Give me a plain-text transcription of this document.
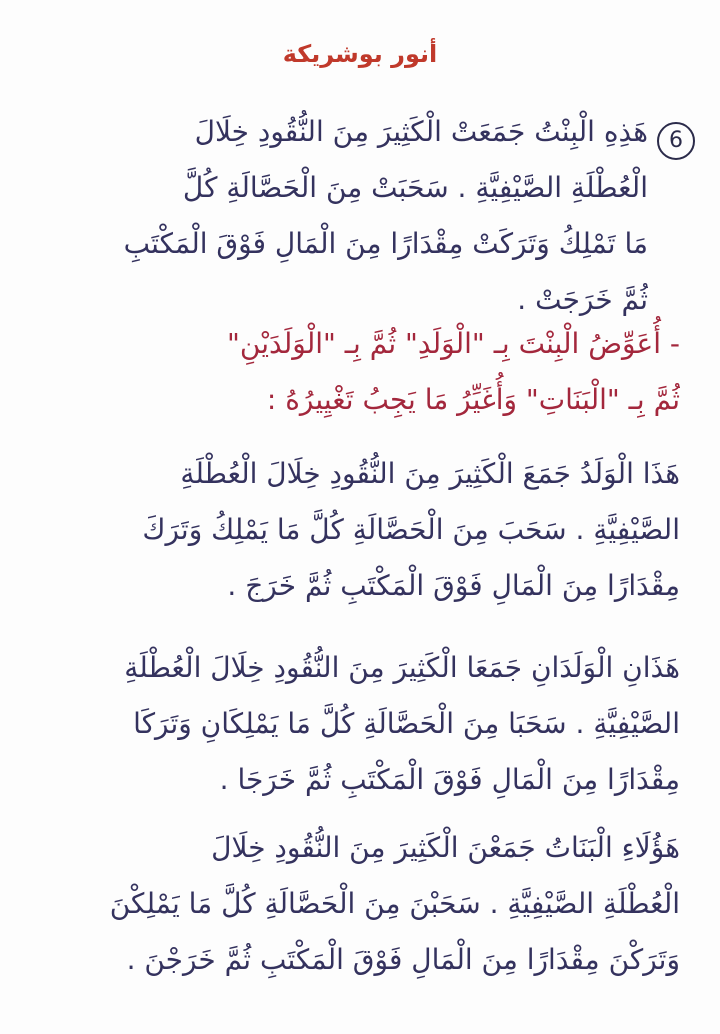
أنور بوشريكة
6
هَذِهِ الْبِنْتُ جَمَعَتْ الْكَثِيرَ مِنَ النُّقُودِ خِلَالَ
الْعُطْلَةِ الصَّيْفِيَّةِ . سَحَبَتْ مِنَ الْحَصَّالَةِ كُلَّ
مَا تَمْلِكُ وَتَرَكَتْ مِقْدَارًا مِنَ الْمَالِ فَوْقَ الْمَكْتَبِ
ثُمَّ خَرَجَتْ .
- أُعَوِّضُ الْبِنْتَ بِـ "الْوَلَدِ" ثُمَّ بِـ "الْوَلَدَيْنِ"
ثُمَّ بِـ "الْبَنَاتِ" وَأُغَيِّرُ مَا يَجِبُ تَغْيِيرُهُ :
هَذَا الْوَلَدُ جَمَعَ الْكَثِيرَ مِنَ النُّقُودِ خِلَالَ الْعُطْلَةِ
الصَّيْفِيَّةِ . سَحَبَ مِنَ الْحَصَّالَةِ كُلَّ مَا يَمْلِكُ وَتَرَكَ
مِقْدَارًا مِنَ الْمَالِ فَوْقَ الْمَكْتَبِ ثُمَّ خَرَجَ .
هَذَانِ الْوَلَدَانِ جَمَعَا الْكَثِيرَ مِنَ النُّقُودِ خِلَالَ الْعُطْلَةِ
الصَّيْفِيَّةِ . سَحَبَا مِنَ الْحَصَّالَةِ كُلَّ مَا يَمْلِكَانِ وَتَرَكَا
مِقْدَارًا مِنَ الْمَالِ فَوْقَ الْمَكْتَبِ ثُمَّ خَرَجَا .
هَؤُلَاءِ الْبَنَاتُ جَمَعْنَ الْكَثِيرَ مِنَ النُّقُودِ خِلَالَ
الْعُطْلَةِ الصَّيْفِيَّةِ . سَحَبْنَ مِنَ الْحَصَّالَةِ كُلَّ مَا يَمْلِكْنَ
وَتَرَكْنَ مِقْدَارًا مِنَ الْمَالِ فَوْقَ الْمَكْتَبِ ثُمَّ خَرَجْنَ .
